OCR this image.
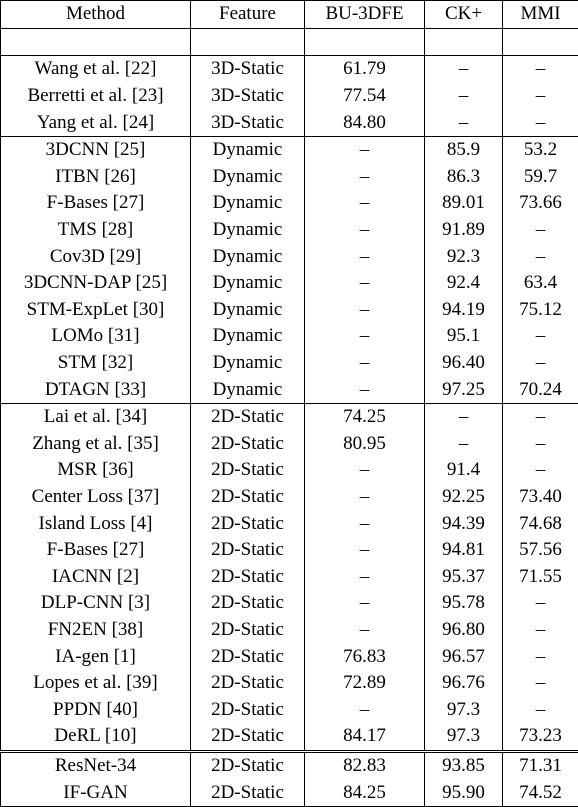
Method	Feature	BU-3DFE	CK+	MMI

Wang et al. [22]	3D-Static	61.79	–	–
Berretti et al. [23]	3D-Static	77.54	–	–
Yang et al. [24]	3D-Static	84.80	–	–
3DCNN [25]	Dynamic	–	85.9	53.2
ITBN [26]	Dynamic	–	86.3	59.7
F-Bases [27]	Dynamic	–	89.01	73.66
TMS [28]	Dynamic	–	91.89	–
Cov3D [29]	Dynamic	–	92.3	–
3DCNN-DAP [25]	Dynamic	–	92.4	63.4
STM-ExpLet [30]	Dynamic	–	94.19	75.12
LOMo [31]	Dynamic	–	95.1	–
STM [32]	Dynamic	–	96.40	–
DTAGN [33]	Dynamic	–	97.25	70.24
Lai et al. [34]	2D-Static	74.25	–	–
Zhang et al. [35]	2D-Static	80.95	–	–
MSR [36]	2D-Static	–	91.4	–
Center Loss [37]	2D-Static	–	92.25	73.40
Island Loss [4]	2D-Static	–	94.39	74.68
F-Bases [27]	2D-Static	–	94.81	57.56
IACNN [2]	2D-Static	–	95.37	71.55
DLP-CNN [3]	2D-Static	–	95.78	–
FN2EN [38]	2D-Static	–	96.80	–
IA-gen [1]	2D-Static	76.83	96.57	–
Lopes et al. [39]	2D-Static	72.89	96.76	–
PPDN [40]	2D-Static	–	97.3	–
DeRL [10]	2D-Static	84.17	97.3	73.23
ResNet-34	2D-Static	82.83	93.85	71.31
IF-GAN	2D-Static	84.25	95.90	74.52
